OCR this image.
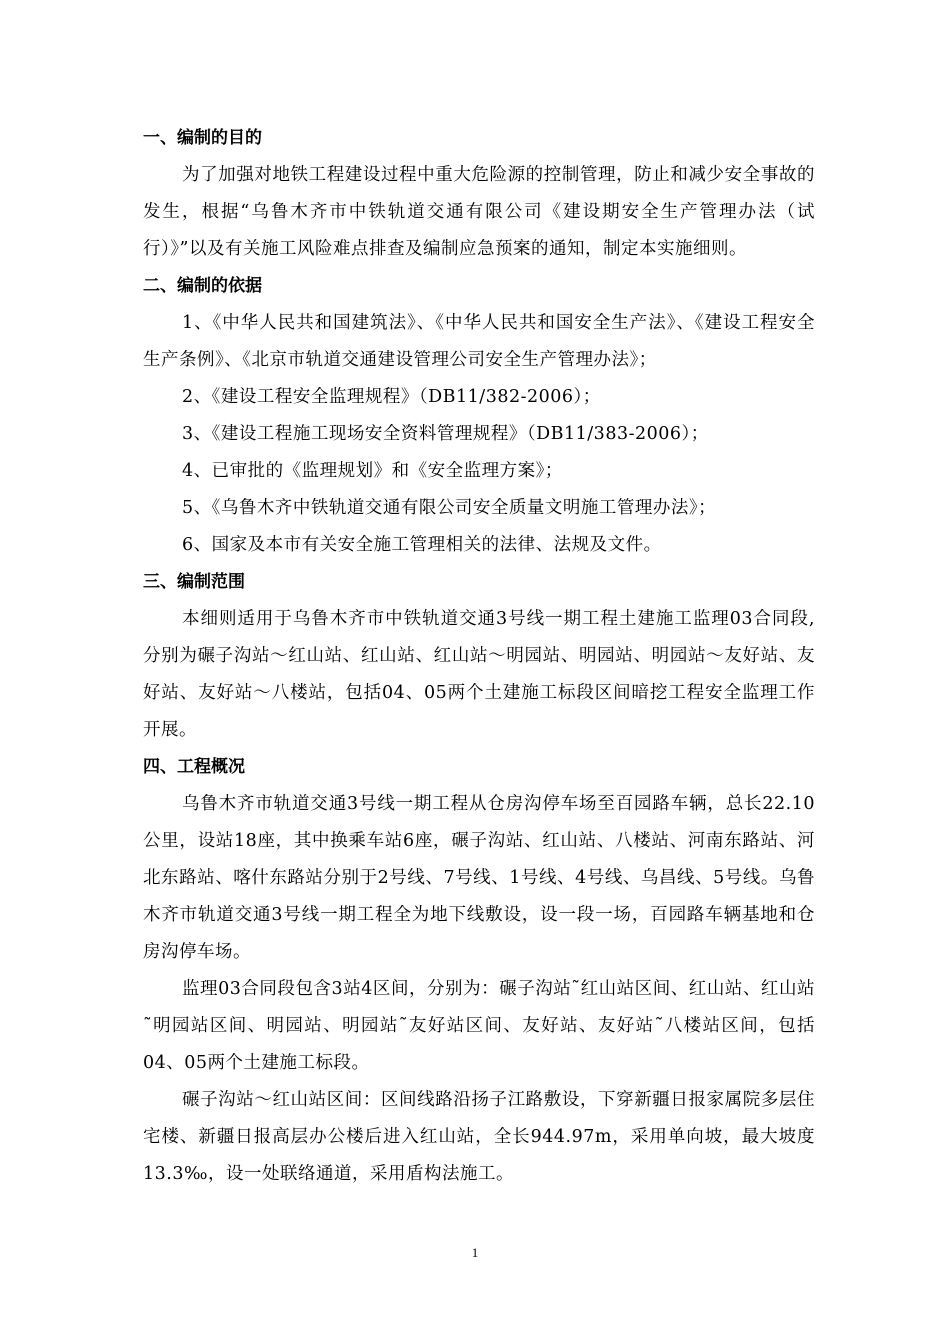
一、编制的目的
为了加强对地铁工程建设过程中重大危险源的控制管理，防止和减少安全事故的发生，根据“乌鲁木齐市中铁轨道交通有限公司《建设期安全生产管理办法（试行）》”以及有关施工风险难点排查及编制应急预案的通知，制定本实施细则。
二、编制的依据
1、《中华人民共和国建筑法》、《中华人民共和国安全生产法》、《建设工程安全生产条例》、《北京市轨道交通建设管理公司安全生产管理办法》；
2、《建设工程安全监理规程》（DB11/382-2006）；
3、《建设工程施工现场安全资料管理规程》（DB11/383-2006）；
4、已审批的《监理规划》和《安全监理方案》；
5、《乌鲁木齐中铁轨道交通有限公司安全质量文明施工管理办法》；
6、国家及本市有关安全施工管理相关的法律、法规及文件。
三、编制范围
本细则适用于乌鲁木齐市中铁轨道交通3号线一期工程土建施工监理03合同段,分别为碾子沟站～红山站、红山站、红山站～明园站、明园站、明园站～友好站、友好站、友好站～八楼站，包括04、05两个土建施工标段区间暗挖工程安全监理工作开展。
四、工程概况
乌鲁木齐市轨道交通3号线一期工程从仓房沟停车场至百园路车辆，总长22.10公里，设站18座，其中换乘车站6座，碾子沟站、红山站、八楼站、河南东路站、河北东路站、喀什东路站分别于2号线、7号线、1号线、4号线、乌昌线、5号线。乌鲁木齐市轨道交通3号线一期工程全为地下线敷设，设一段一场，百园路车辆基地和仓房沟停车场。
监理03合同段包含3站4区间，分别为：碾子沟站˜红山站区间、红山站、红山站˜明园站区间、明园站、明园站˜友好站区间、友好站、友好站˜八楼站区间，包括04、05两个土建施工标段。
碾子沟站～红山站区间：区间线路沿扬子江路敷设，下穿新疆日报家属院多层住宅楼、新疆日报高层办公楼后进入红山站，全长944.97m，采用单向坡，最大坡度13.3‰，设一处联络通道，采用盾构法施工。
1
